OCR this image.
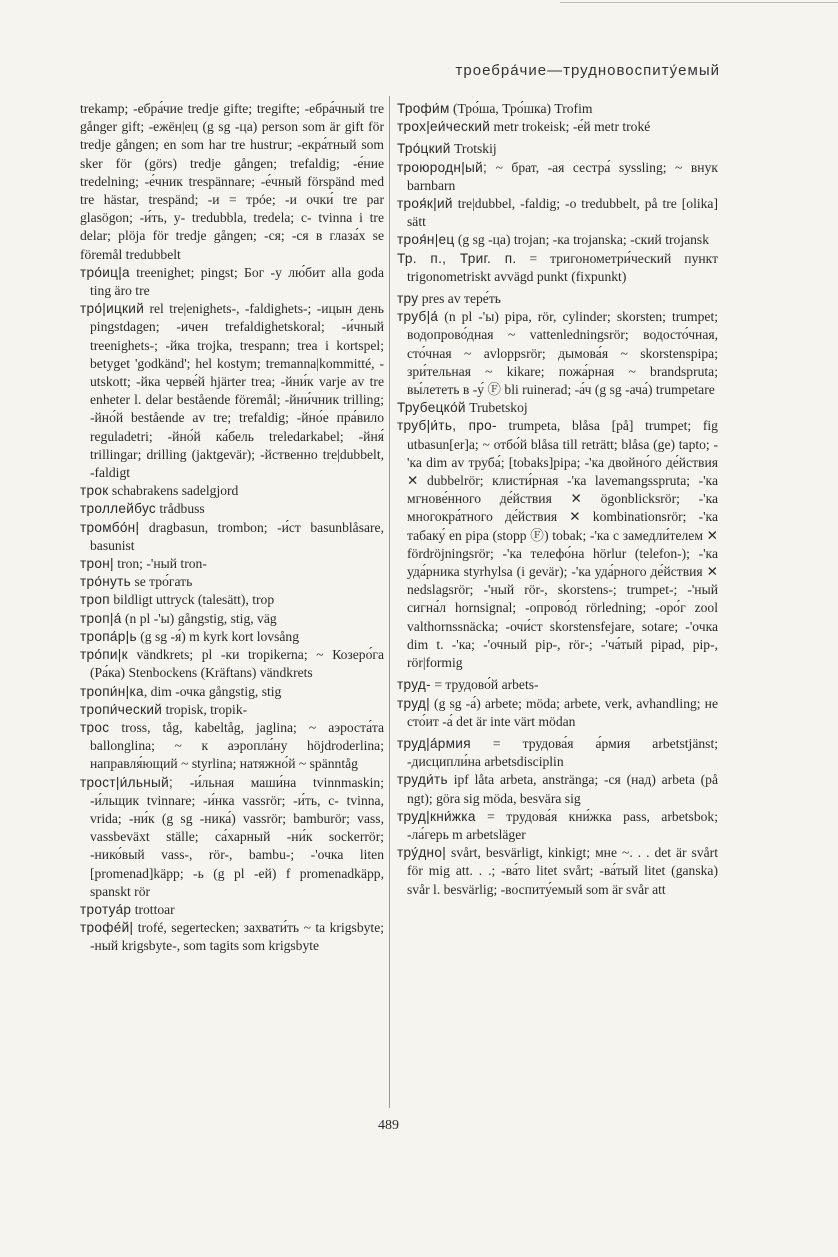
троебра́чие—трудновоспиту́емый
trekamp; -ебра́чие tredje gifte; tregifte; -ебра́чный tre gånger gift; -ежён|ец (g sg -ца) person som är gift för tredje gången; en som har tre hustrur; -екра́тный som sker för (görs) tredje gången; trefaldig; -е́ние tredelning; -е́чник trespännare; -е́чный förspänd med tre hästar, trespänd; -и = трóе; -и очки́ tre par glasögon; -и́ть, у- tredubbla, tredela; с- tvinna i tre delar; plöja för tredje gången; -ся; -ся в глаза́х se föremål tredubbelt
тро́иц|а treenighet; pingst; Бог -у лю́бит alla goda ting äro tre
тро́|ицкий rel tre|enighets-, -faldighets-; -ицын день pingstdagen; -ичен trefaldighetskoral; -и́чный treenighets-; -йка trojka, trespann; trea i kortspel; betyget 'godkänd'; hel kostym; tremanna|kommitté, -utskott; -йка черве́й hjärter trea; -йни́к varje av tre enheter l. delar bestående föremål; -йни́чник trilling; -йно́й bestående av tre; trefaldig; -йно́е пра́вило reguladetri; -йно́й ка́бель treledarkabel; -йня́ trillingar; drilling (jaktgevär); -йственно tre|dubbelt, -faldigt
трок schabrakens sadelgjord
троллейбус trådbuss
тромбо́н| dragbasun, trombon; -и́ст basunblåsare, basunist
трон| tron; -'ный tron-
тро́нуть se тро́гать
троп bildligt uttryck (talesätt), trop
троп|а́ (n pl -'ы) gångstig, stig, väg
тропа́р|ь (g sg -я́) m kyrk kort lovsång
тро́пи|к vändkrets; pl -ки tropikerna; ~ Козеро́га (Ра́ка) Stenbockens (Kräftans) vändkrets
тропи́н|ка, dim -очка gångstig, stig
тропи́ческий tropisk, tropik-
трос tross, tåg, kabeltåg, jaglina; ~ аэроста́та ballonglina; ~ к аэропла́ну höjdroderlina; направля́ющий ~ styrlina; натяжно́й ~ spänntåg
трост|и́льный; -и́льная маши́на tvinnmaskin; -и́льщик tvinnare; -и́нка vassrör; -и́ть, с- tvinna, vrida; -ни́к (g sg -ника́) vassrör; bamburör; vass, vassbeväxt ställe; са́харный -ни́к sockerrör; -нико́вый vass-, rör-, bambu-; -'очка liten [promenad]käpp; -ь (g pl -ей) f promenadkäpp, spanskt rör
тротуа́р trottoar
трофе́й| trofé, segertecken; захвати́ть ~ ta krigsbyte; -ный krigsbyte-, som tagits som krigsbyte
Трофи́м (Тро́ша, Тро́шка) Trofim
трох|еи́ческий metr trokeisk; -е́й metr troké
Тро́цкий Trotskij
троюродн|ый; ~ брат, -ая сестра́ syssling; ~ внук barnbarn
троя́к|ий tre|dubbel, -faldig; -о tredubbelt, på tre [olika] sätt
троя́н|ец (g sg -ца) trojan; -ка trojanska; -ский trojansk
Тр. п., Триг. п. = тригонометри́ческий пункт trigonometriskt avvägd punkt (fixpunkt)
тру pres av тере́ть
труб|а́ (n pl -'ы) pipa, rör, cylinder; skorsten; trumpet; водопрово́дная ~ vattenledningsrör; водосто́чная, сто́чная ~ avloppsrör; дымова́я ~ skorstenspipa; зри́тельная ~ kikare; пожа́рная ~ brandspruta; вы́лететь в -у́ Ⓕ bli ruinerad; -а́ч (g sg -ача́) trumpetare
Трубецко́й Trubetskoj
труб|и́ть, про- trumpeta, blåsa [på] trumpet; fig utbasun[er]a; ~ отбо́й blåsa till reträtt; blåsa (ge) tapto; -'ка dim av труба́; [tobaks]pipa; -'ка двойно́го де́йствия ✕ dubbelrör; клисти́рная -'ка lavemangsspruta; -'ка мгнове́нного де́йствия ✕ ögonblicksrör; -'ка многокра́тного де́йствия ✕ kombinationsrör; -'ка табаку́ en pipa (stopp Ⓕ) tobak; -'ка с замедли́телем ✕ fördröjningsrör; -'ка телефо́на hörlur (telefon-); -'ка уда́рника styrhylsa (i gevär); -'ка уда́рного де́йствия ✕ nedslagsrör; -'ный rör-, skorstens-; trumpet-; -'ный сигна́л hornsignal; -опрово́д rörledning; -оро́г zool valthornssnäcka; -очи́ст skorstensfejare, sotare; -'очка dim t. -'ка; -'очный pip-, rör-; -'ча́тый pipad, pip-, rör|formig
труд- = трудово́й arbets-
труд| (g sg -а́) arbete; möda; arbete, verk, avhandling; не сто́ит -а́ det är inte värt mödan
труд|а́рмия = трудова́я а́рмия arbetstjänst; -дисципли́на arbetsdisciplin
труди́ть ipf låta arbeta, anstränga; -ся (над) arbeta (på ngt); göra sig möda, besvära sig
труд|кни́жка = трудова́я кни́жка pass, arbetsbok; -ла́герь m arbetsläger
тру́дно| svårt, besvärligt, kinkigt; мне ~. . . det är svårt för mig att. . .; -ва́то litet svårt; -ва́тый litet (ganska) svår l. besvärlig; -воспиту́емый som är svår att
489
